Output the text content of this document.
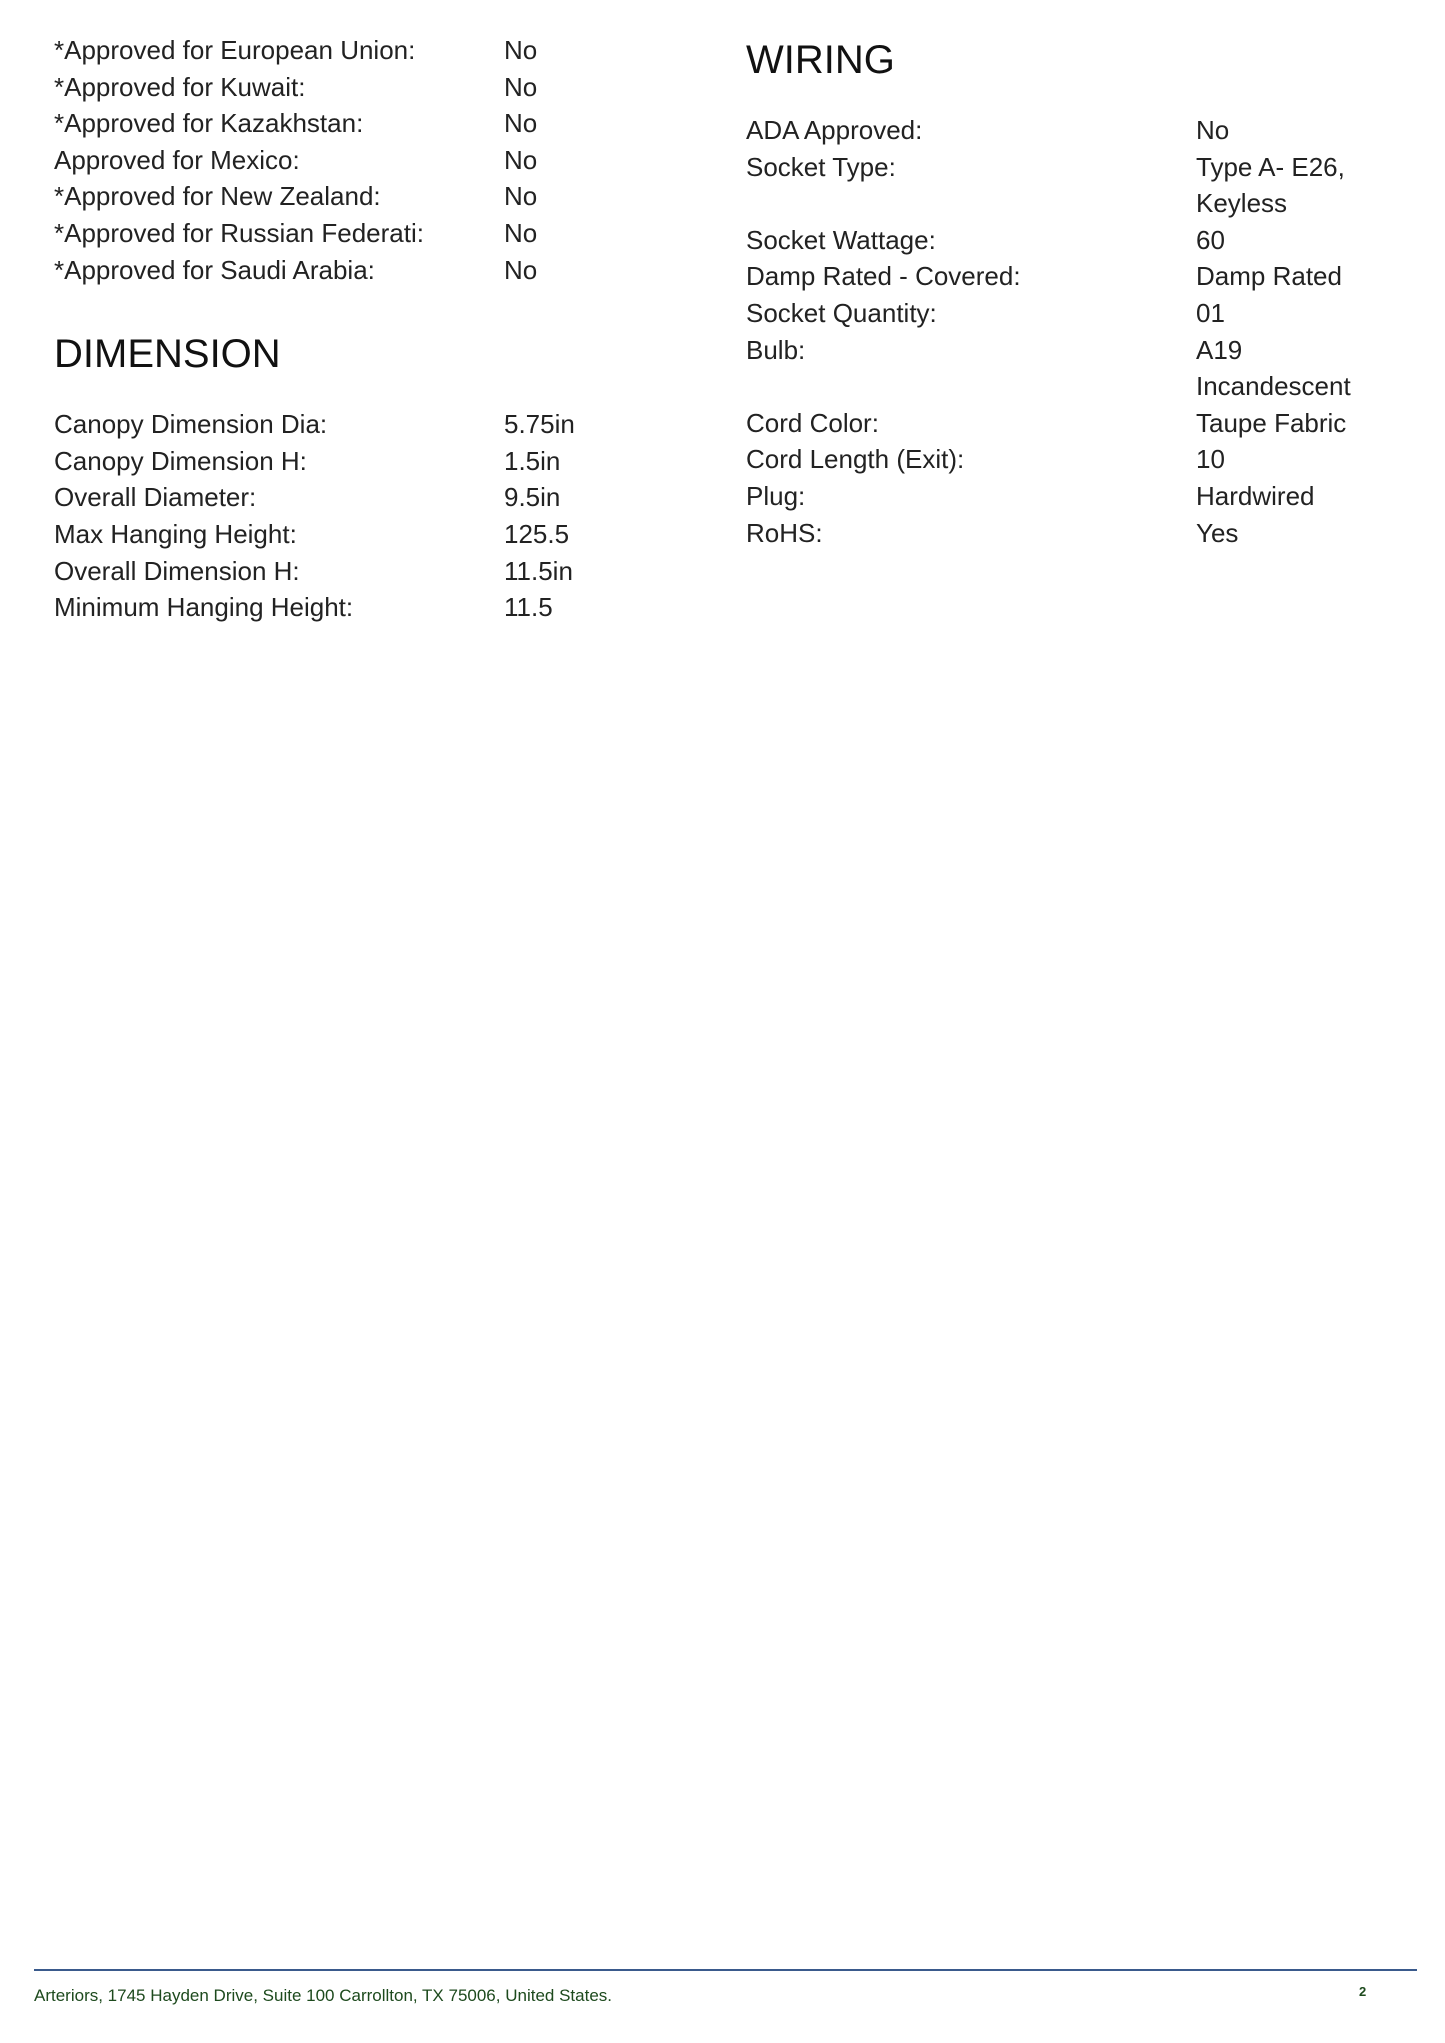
*Approved for European Union:	No
*Approved for Kuwait:	No
*Approved for Kazakhstan:	No
Approved for Mexico:	No
*Approved for New Zealand:	No
*Approved for Russian Federati:	No
*Approved for Saudi Arabia:	No
DIMENSION
Canopy Dimension Dia:	5.75in
Canopy Dimension H:	1.5in
Overall Diameter:	9.5in
Max Hanging Height:	125.5
Overall Dimension H:	11.5in
Minimum Hanging Height:	11.5
WIRING
ADA Approved:	No
Socket Type:	Type A- E26, Keyless
Socket Wattage:	60
Damp Rated - Covered:	Damp Rated
Socket Quantity:	01
Bulb:	A19 Incandescent
Cord Color:	Taupe Fabric
Cord Length (Exit):	10
Plug:	Hardwired
RoHS:	Yes
Arteriors, 1745 Hayden Drive, Suite 100 Carrollton, TX 75006, United States.	2
